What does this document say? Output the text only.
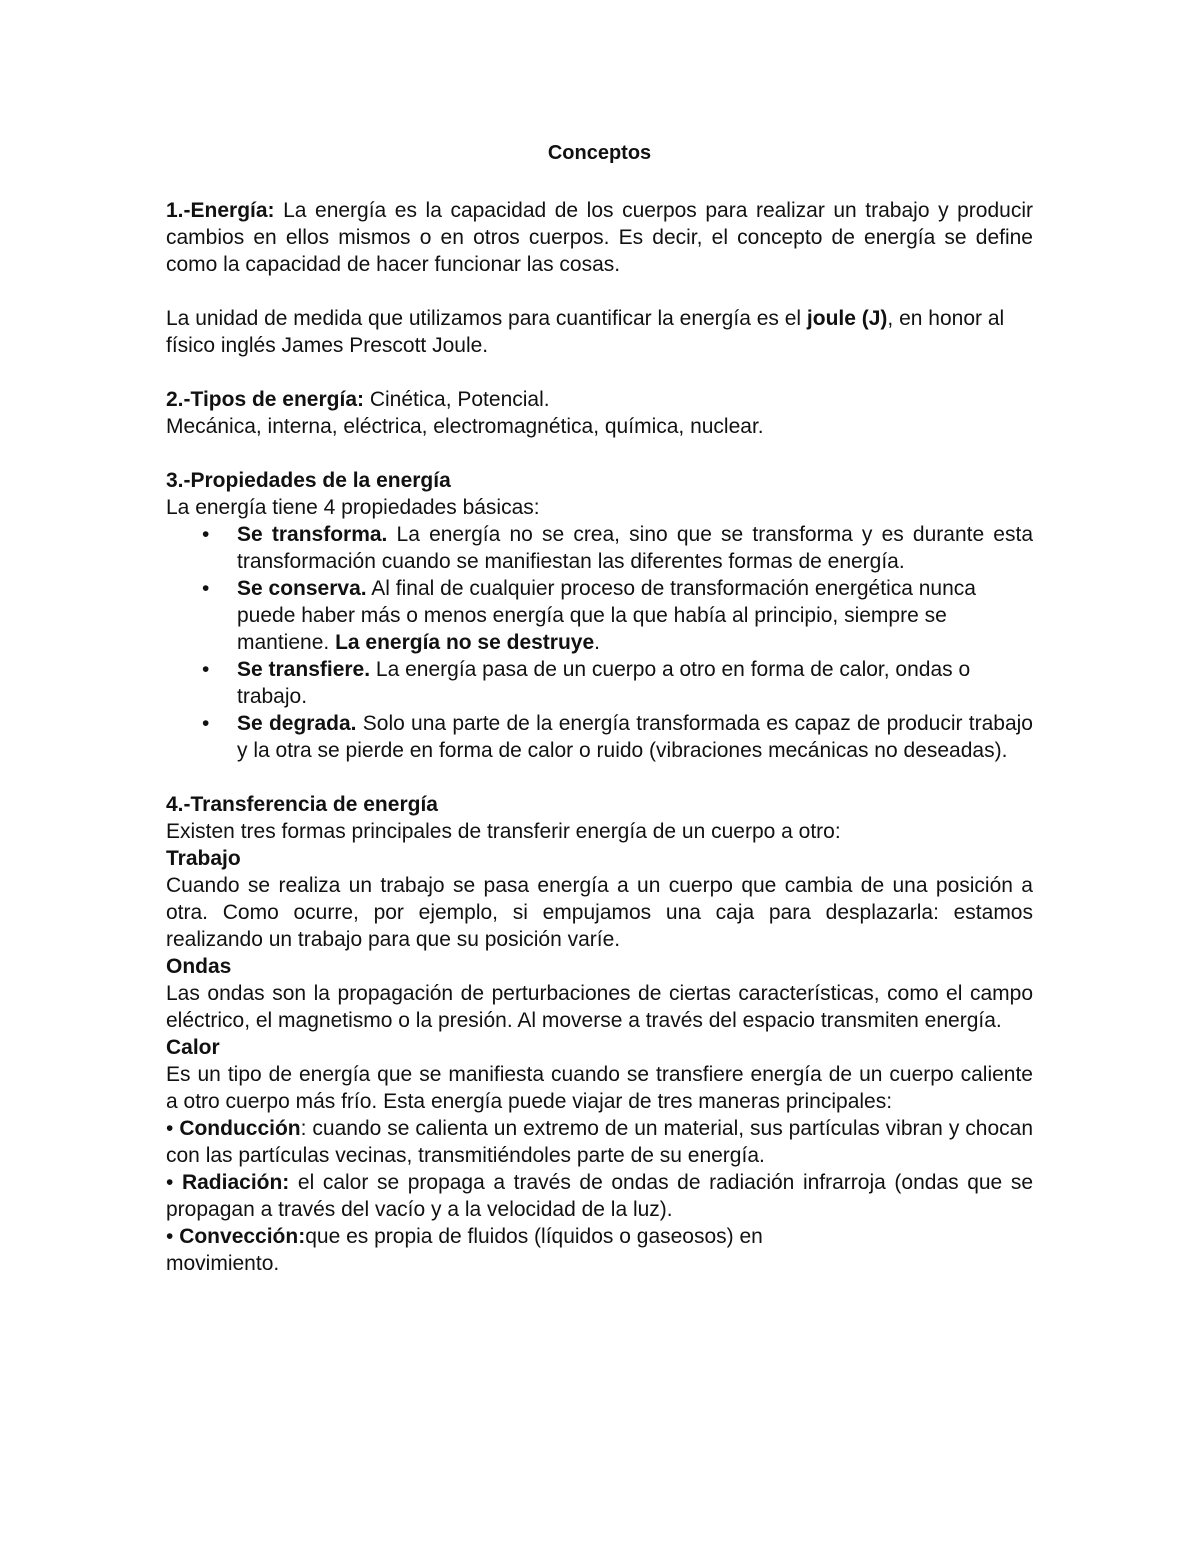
Conceptos

1.-Energía: La energía es la capacidad de los cuerpos para realizar un trabajo y producir cambios en ellos mismos o en otros cuerpos. Es decir, el concepto de energía se define como la capacidad de hacer funcionar las cosas.

La unidad de medida que utilizamos para cuantificar la energía es el joule (J), en honor al físico inglés James Prescott Joule.

2.-Tipos de energía: Cinética, Potencial.

Mecánica, interna, eléctrica, electromagnética, química, nuclear.

3.-Propiedades de la energía

La energía tiene 4 propiedades básicas:

• Se transforma. La energía no se crea, sino que se transforma y es durante esta transformación cuando se manifiestan las diferentes formas de energía.
• Se conserva. Al final de cualquier proceso de transformación energética nunca puede haber más o menos energía que la que había al principio, siempre se mantiene. La energía no se destruye.
• Se transfiere. La energía pasa de un cuerpo a otro en forma de calor, ondas o trabajo.
• Se degrada. Solo una parte de la energía transformada es capaz de producir trabajo y la otra se pierde en forma de calor o ruido (vibraciones mecánicas no deseadas).

4.-Transferencia de energía

Existen tres formas principales de transferir energía de un cuerpo a otro:

Trabajo

Cuando se realiza un trabajo se pasa energía a un cuerpo que cambia de una posición a otra. Como ocurre, por ejemplo, si empujamos una caja para desplazarla: estamos realizando un trabajo para que su posición varíe.

Ondas

Las ondas son la propagación de perturbaciones de ciertas características, como el campo eléctrico, el magnetismo o la presión. Al moverse a través del espacio transmiten energía.

Calor

Es un tipo de energía que se manifiesta cuando se transfiere energía de un cuerpo caliente a otro cuerpo más frío. Esta energía puede viajar de tres maneras principales:

• Conducción: cuando se calienta un extremo de un material, sus partículas vibran y chocan con las partículas vecinas, transmitiéndoles parte de su energía.

• Radiación: el calor se propaga a través de ondas de radiación infrarroja (ondas que se propagan a través del vacío y a la velocidad de la luz).

• Convección:que es propia de fluidos (líquidos o gaseosos) en

movimiento.
